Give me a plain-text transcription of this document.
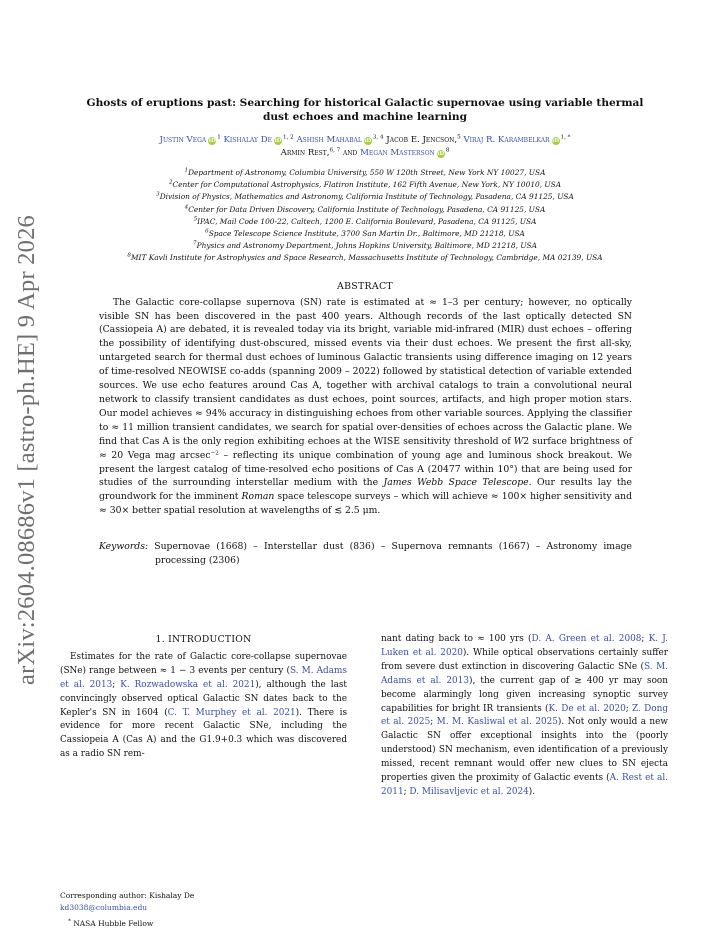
arXiv:2604.08686v1 [astro-ph.HE] 9 Apr 2026
Ghosts of eruptions past: Searching for historical Galactic supernovae using variable thermal dust echoes and machine learning
Justin Vega $iD^1$ Kishalay De iD$^{1, 2}$ Ashish Mahabal iD$^{3, 4}$ Jacob E. Jencson,$^5$ Viraj R. Karambelkar $iD^{1, *}$
Armin Rest,$^{6, 7}$ and Megan Masterson $iD^8$
$^1$Department of Astronomy, Columbia University, 550 W 120th Street, New York NY 10027, USA
$^2$Center for Computational Astrophysics, Flatiron Institute, 162 Fifth Avenue, New York, NY 10010, USA
$^3$Division of Physics, Mathematics and Astronomy, California Institute of Technology, Pasadena, CA 91125, USA
$^4$Center for Data Driven Discovery, California Institute of Technology, Pasadena, CA 91125, USA
$^5$IPAC, Mail Code 100-22, Caltech, 1200 E. California Boulevard, Pasadena, CA 91125, USA
$^6$Space Telescope Science Institute, 3700 San Martin Dr., Baltimore, MD 21218, USA
$^7$Physics and Astronomy Department, Johns Hopkins University, Baltimore, MD 21218, USA
$^8$MIT Kavli Institute for Astrophysics and Space Research, Massachusetts Institute of Technology, Cambridge, MA 02139, USA
ABSTRACT
The Galactic core-collapse supernova (SN) rate is estimated at ≈ 1–3 per century; however, no optically visible SN has been discovered in the past 400 years. Although records of the last optically detected SN (Cassiopeia A) are debated, it is revealed today via its bright, variable mid-infrared (MIR) dust echoes – offering the possibility of identifying dust-obscured, missed events via their dust echoes. We present the first all-sky, untargeted search for thermal dust echoes of luminous Galactic transients using difference imaging on 12 years of time-resolved NEOWISE co-adds (spanning 2009 – 2022) followed by statistical detection of variable extended sources. We use echo features around Cas A, together with archival catalogs to train a convolutional neural network to classify transient candidates as dust echoes, point sources, artifacts, and high proper motion stars. Our model achieves ≈ 94% accuracy in distinguishing echoes from other variable sources. Applying the classifier to ≈ 11 million transient candidates, we search for spatial over-densities of echoes across the Galactic plane. We find that Cas A is the only region exhibiting echoes at the WISE sensitivity threshold of W2 surface brightness of ≈ 20 Vega mag arcsec$^{-2}$ – reflecting its unique combination of young age and luminous shock breakout. We present the largest catalog of time-resolved echo positions of Cas A (20477 within 10°) that are being used for studies of the surrounding interstellar medium with the James Webb Space Telescope. Our results lay the groundwork for the imminent Roman space telescope surveys – which will achieve ≈ 100× higher sensitivity and ≈ 30× better spatial resolution at wavelengths of ≲ 2.5 μm.
Keywords: Supernovae (1668) – Interstellar dust (836) – Supernova remnants (1667) – Astronomy image processing (2306)
1. INTRODUCTION

Estimates for the rate of Galactic core-collapse supernovae (SNe) range between ≈ 1 − 3 events per century (S. M. Adams et al. 2013; K. Rozwadowska et al. 2021), although the last convincingly observed optical Galactic SN dates back to the Kepler's SN in 1604 (C. T. Murphey et al. 2021). There is evidence for more recent Galactic SNe, including the Cassiopeia A (Cas A) and the G1.9+0.3 which was discovered as a radio SN rem-

nant dating back to ≈ 100 yrs (D. A. Green et al. 2008; K. J. Luken et al. 2020). While optical observations certainly suffer from severe dust extinction in discovering Galactic SNe (S. M. Adams et al. 2013), the current gap of ≳ 400 yr may soon become alarmingly long given increasing synoptic survey capabilities for bright IR transients (K. De et al. 2020; Z. Dong et al. 2025; M. M. Kasliwal et al. 2025). Not only would a new Galactic SN offer exceptional insights into the (poorly understood) SN mechanism, even identification of a previously missed, recent remnant would offer new clues to SN ejecta properties given the proximity of Galactic events (A. Rest et al. 2011; D. Milisavljevic et al. 2024).

Corresponding author: Kishalay De
kd3038@columbia.edu
* NASA Hubble Fellow
